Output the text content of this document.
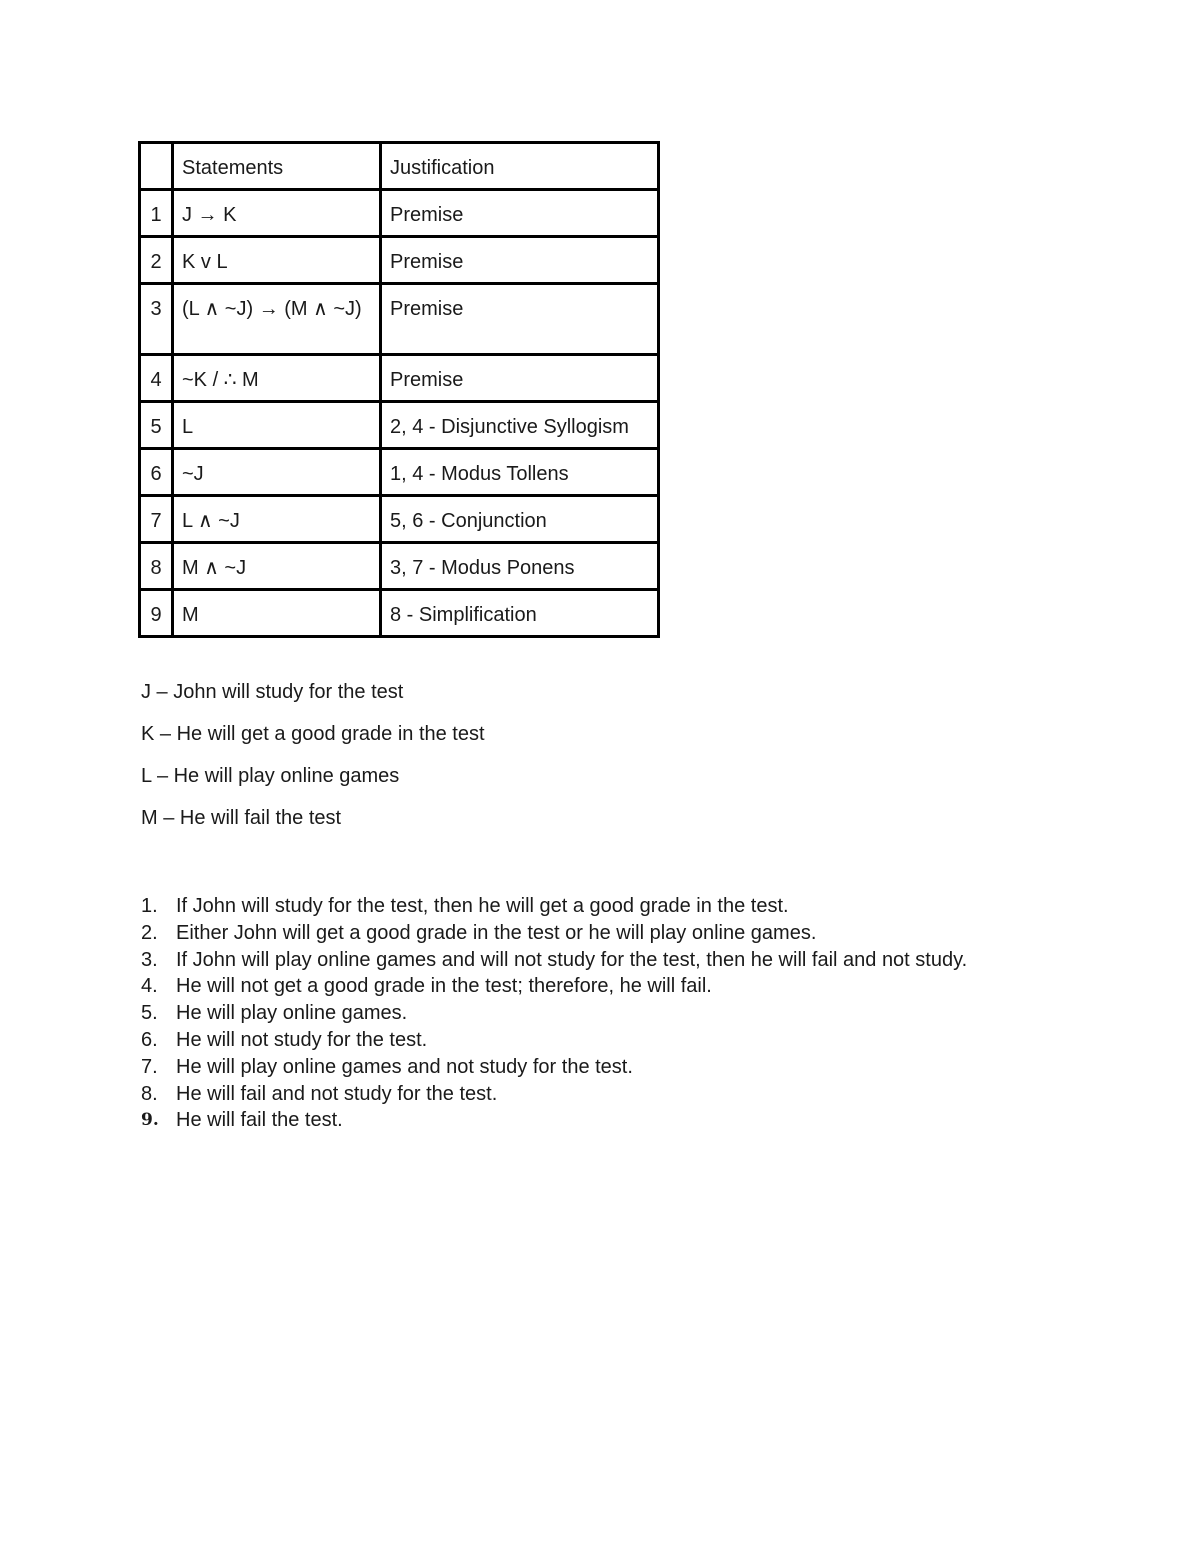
	Statements	Justification
1	J → K	Premise
2	K v L	Premise
3	(L ∧ ~J) → (M ∧ ~J)	Premise
4	~K / ∴ M	Premise
5	L	2, 4 - Disjunctive Syllogism
6	~J	1, 4 - Modus Tollens
7	L ∧ ~J	5, 6 - Conjunction
8	M ∧ ~J	3, 7 - Modus Ponens
9	M	8 - Simplification

J – John will study for the test

K – He will get a good grade in the test

L – He will play online games

M – He will fail the test

1. If John will study for the test, then he will get a good grade in the test.
2. Either John will get a good grade in the test or he will play online games.
3. If John will play online games and will not study for the test, then he will fail and not study.
4. He will not get a good grade in the test; therefore, he will fail.
5. He will play online games.
6. He will not study for the test.
7. He will play online games and not study for the test.
8. He will fail and not study for the test.
9. He will fail the test.
